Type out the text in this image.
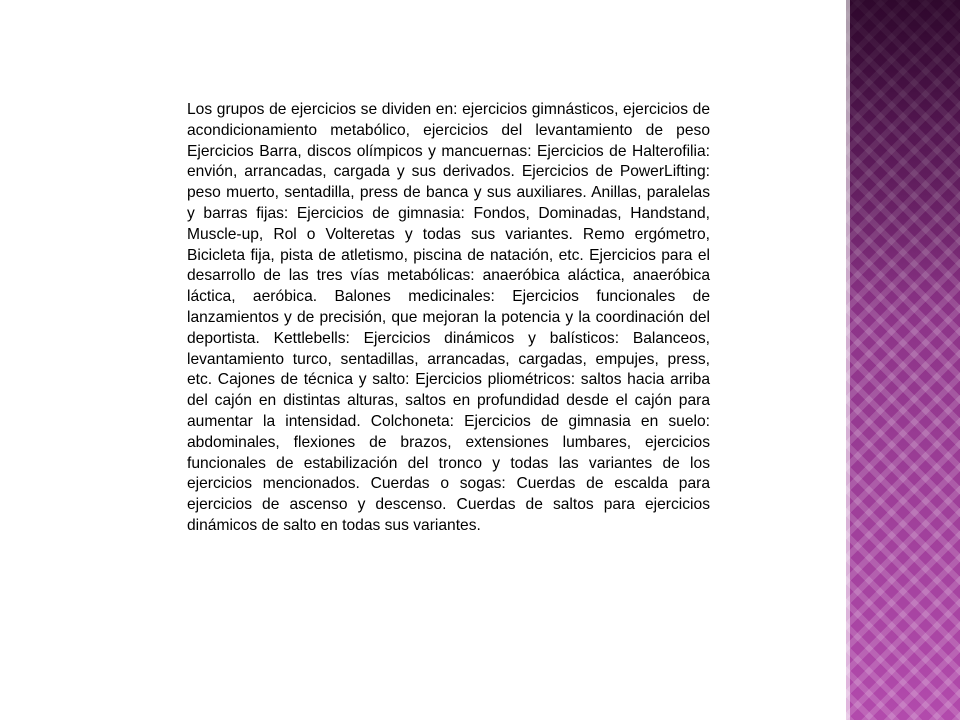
Los grupos de ejercicios se dividen en: ejercicios gimnásticos, ejercicios de acondicionamiento metabólico, ejercicios del levantamiento de peso Ejercicios Barra, discos olímpicos y mancuernas: Ejercicios de Halterofilia: envión, arrancadas, cargada y sus derivados. Ejercicios de PowerLifting: peso muerto, sentadilla, press de banca y sus auxiliares. Anillas, paralelas y barras fijas: Ejercicios de gimnasia: Fondos, Dominadas, Handstand, Muscle-up, Rol o Volteretas y todas sus variantes. Remo ergómetro, Bicicleta fija, pista de atletismo, piscina de natación, etc. Ejercicios para el desarrollo de las tres vías metabólicas: anaeróbica aláctica, anaeróbica láctica, aeróbica. Balones medicinales: Ejercicios funcionales de lanzamientos y de precisión, que mejoran la potencia y la coordinación del deportista. Kettlebells: Ejercicios dinámicos y balísticos: Balanceos, levantamiento turco, sentadillas, arrancadas, cargadas, empujes, press, etc. Cajones de técnica y salto: Ejercicios pliométricos: saltos hacia arriba del cajón en distintas alturas, saltos en profundidad desde el cajón para aumentar la intensidad. Colchoneta: Ejercicios de gimnasia en suelo: abdominales, flexiones de brazos, extensiones lumbares, ejercicios funcionales de estabilización del tronco y todas las variantes de los ejercicios mencionados. Cuerdas o sogas: Cuerdas de escalda para ejercicios de ascenso y descenso. Cuerdas de saltos para ejercicios dinámicos de salto en todas sus variantes.
